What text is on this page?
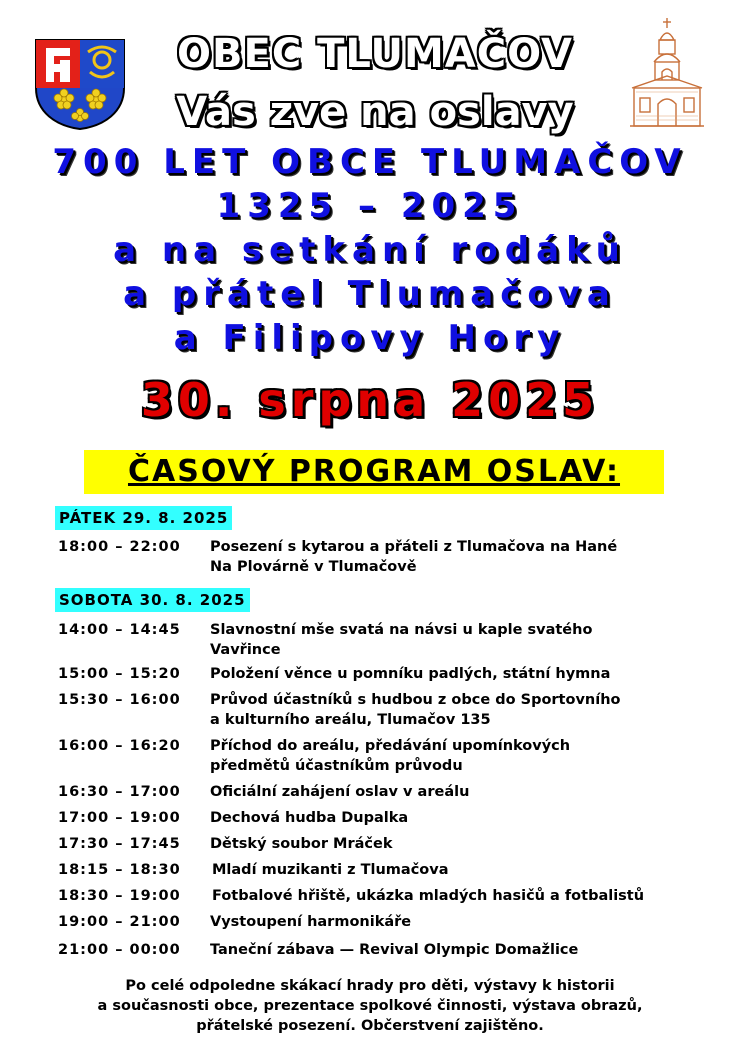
OBEC TLUMAČOV
Vás zve na oslavy
700 LET OBCE TLUMAČOV
1325 – 2025
a na setkání rodáků
a přátel Tlumačova
a Filipovy Hory
30. srpna 2025
ČASOVÝ PROGRAM OSLAV:
PÁTEK 29. 8. 2025
18:00 – 22:00	Posezení s kytarou a přáteli z Tlumačova na Hané
Na Plovárně v Tlumačově
SOBOTA 30. 8. 2025
14:00 – 14:45	Slavnostní mše svatá na návsi u kaple svatého
Vavřince
15:00 – 15:20	Položení věnce u pomníku padlých, státní hymna
15:30 – 16:00	Průvod účastníků s hudbou z obce do Sportovního
a kulturního areálu, Tlumačov 135
16:00 – 16:20	Příchod do areálu, předávání upomínkových
předmětů účastníkům průvodu
16:30 – 17:00	Oficiální zahájení oslav v areálu
17:00 – 19:00	Dechová hudba Dupalka
17:30 – 17:45	Dětský soubor Mráček
18:15 – 18:30	Mladí muzikanti z Tlumačova
18:30 – 19:00	Fotbalové hřiště, ukázka mladých hasičů a fotbalistů
19:00 – 21:00	Vystoupení harmonikáře
21:00 – 00:00	Taneční zábava — Revival Olympic Domažlice
Po celé odpoledne skákací hrady pro děti, výstavy k historii
a současnosti obce, prezentace spolkové činnosti, výstava obrazů,
přátelské posezení. Občerstvení zajištěno.
